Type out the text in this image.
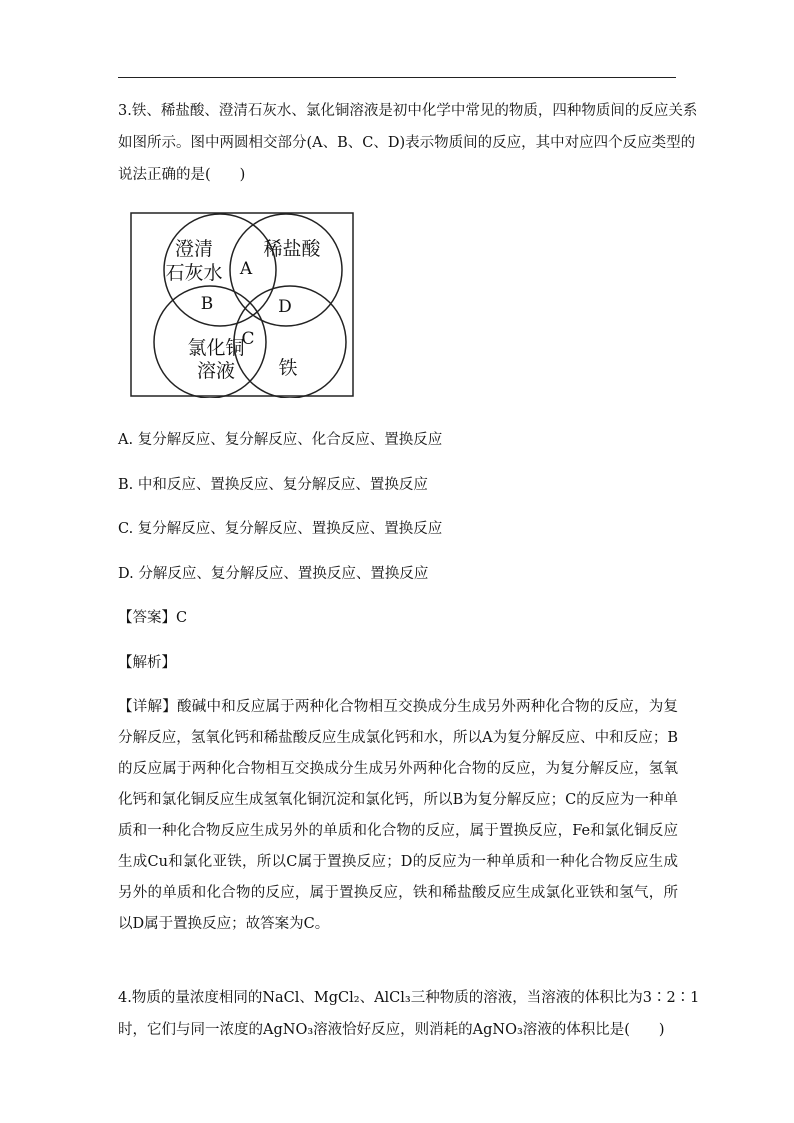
3.铁、稀盐酸、澄清石灰水、氯化铜溶液是初中化学中常见的物质，四种物质间的反应关系
如图所示。图中两圆相交部分(A、B、C、D)表示物质间的反应，其中对应四个反应类型的
说法正确的是(　　)
澄清
石灰水
稀盐酸
氯化铜
溶液 铁
A
B
C
D
A. 复分解反应、复分解反应、化合反应、置换反应
B. 中和反应、置换反应、复分解反应、置换反应
C. 复分解反应、复分解反应、置换反应、置换反应
D. 分解反应、复分解反应、置换反应、置换反应
【答案】C
【解析】

【详解】酸碱中和反应属于两种化合物相互交换成分生成另外两种化合物的反应，为复分解反应，氢氧化钙和稀盐酸反应生成氯化钙和水，所以A为复分解反应、中和反应；B的反应属于两种化合物相互交换成分生成另外两种化合物的反应，为复分解反应，氢氧化钙和氯化铜反应生成氢氧化铜沉淀和氯化钙，所以B为复分解反应；C的反应为一种单质和一种化合物反应生成另外的单质和化合物的反应，属于置换反应，Fe和氯化铜反应生成Cu和氯化亚铁，所以C属于置换反应；D的反应为一种单质和一种化合物反应生成另外的单质和化合物的反应，属于置换反应，铁和稀盐酸反应生成氯化亚铁和氢气，所以D属于置换反应；故答案为C。

4.物质的量浓度相同的NaCl、MgCl₂、AlCl₃三种物质的溶液，当溶液的体积比为3∶2∶1
时，它们与同一浓度的AgNO₃溶液恰好反应，则消耗的AgNO₃溶液的体积比是(　　)
